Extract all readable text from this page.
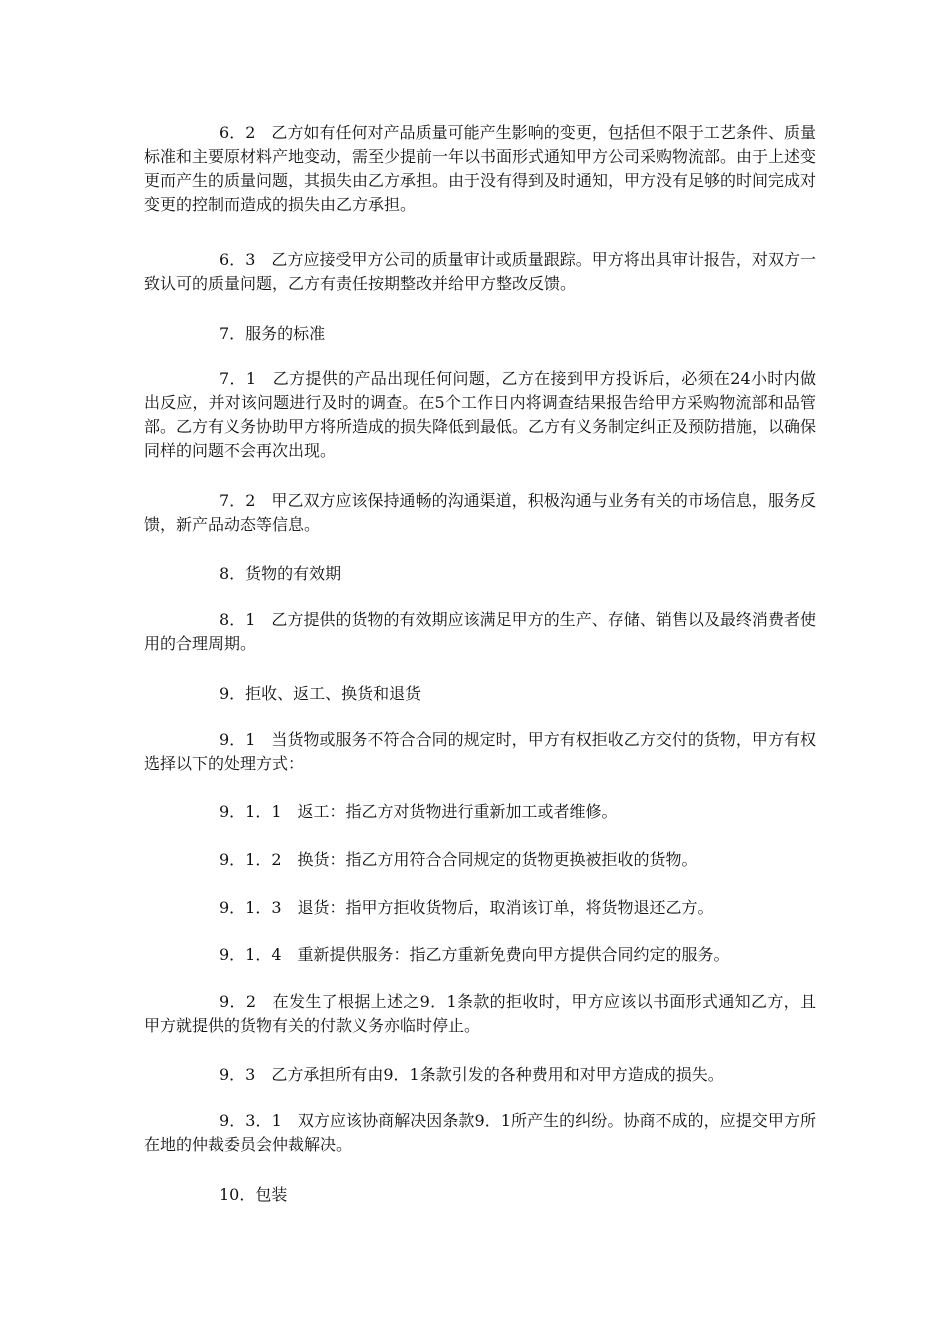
6．2　乙方如有任何对产品质量可能产生影响的变更，包括但不限于工艺条件、质量标准和主要原材料产地变动，需至少提前一年以书面形式通知甲方公司采购物流部。由于上述变更而产生的质量问题，其损失由乙方承担。由于没有得到及时通知，甲方没有足够的时间完成对变更的控制而造成的损失由乙方承担。

6．3　乙方应接受甲方公司的质量审计或质量跟踪。甲方将出具审计报告，对双方一致认可的质量问题，乙方有责任按期整改并给甲方整改反馈。

7．服务的标准

7．1　乙方提供的产品出现任何问题，乙方在接到甲方投诉后，必须在24小时内做出反应，并对该问题进行及时的调查。在5个工作日内将调查结果报告给甲方采购物流部和品管部。乙方有义务协助甲方将所造成的损失降低到最低。乙方有义务制定纠正及预防措施，以确保同样的问题不会再次出现。

7．2　甲乙双方应该保持通畅的沟通渠道，积极沟通与业务有关的市场信息，服务反馈，新产品动态等信息。

8．货物的有效期

8．1　乙方提供的货物的有效期应该满足甲方的生产、存储、销售以及最终消费者使用的合理周期。

9．拒收、返工、换货和退货

9．1　当货物或服务不符合合同的规定时，甲方有权拒收乙方交付的货物，甲方有权选择以下的处理方式：

9．1．1　返工：指乙方对货物进行重新加工或者维修。

9．1．2　换货：指乙方用符合合同规定的货物更换被拒收的货物。

9．1．3　退货：指甲方拒收货物后，取消该订单，将货物退还乙方。

9．1．4　重新提供服务：指乙方重新免费向甲方提供合同约定的服务。

9．2　在发生了根据上述之9．1条款的拒收时，甲方应该以书面形式通知乙方，且甲方就提供的货物有关的付款义务亦临时停止。

9．3　乙方承担所有由9．1条款引发的各种费用和对甲方造成的损失。

9．3．1　双方应该协商解决因条款9．1所产生的纠纷。协商不成的，应提交甲方所在地的仲裁委员会仲裁解决。

10．包装
